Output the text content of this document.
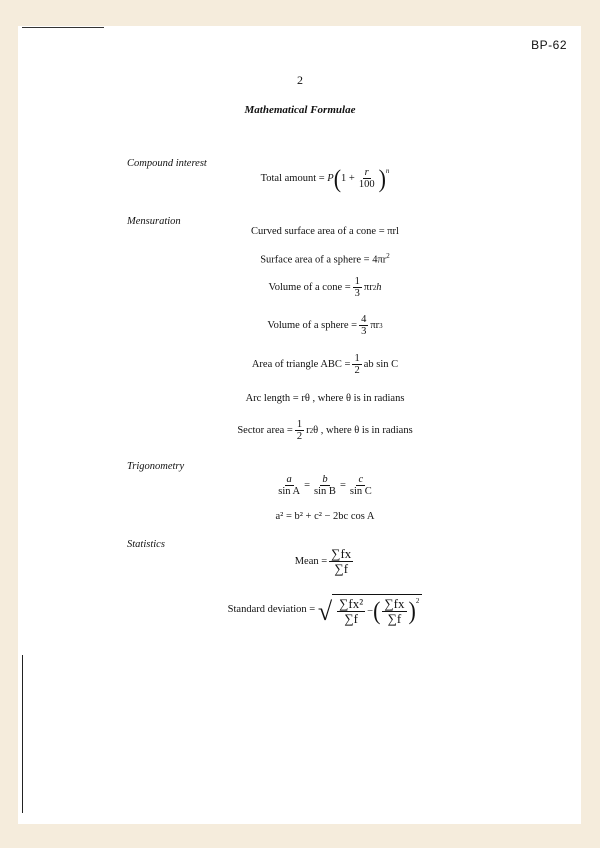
BP-62
2
Mathematical Formulae
Compound interest
Total amount =
P ( $1 + \frac{r}{100}$ ) n
Mensuration
Curved surface area of a cone = πrl
Surface area of a sphere = $4\pi r^2$
Volume of a cone = $\frac{1}{3}$ πr 2 h
Volume of a sphere = $\frac{4}{3}$ πr 3
Area of triangle ABC = $\frac{1}{2}$ ab sin C
Arc length = rθ , where θ is in radians
Sector area = $\frac{1}{2}$ r 2 θ , where θ is in radians
Trigonometry
$\frac{a}{\text{sin A}} = \frac{b}{\text{sin B}} = \frac{c}{\text{sin C}}$
a² = b² + c² − 2bc cos A
Statistics
Mean = $\frac{\sum fx}{\sum f}$
Standard deviation =
√ $\frac{\text{∑fx²}}{\sum f}$ − ( $\frac{\sum fx}{\sum f}$ ) 2
